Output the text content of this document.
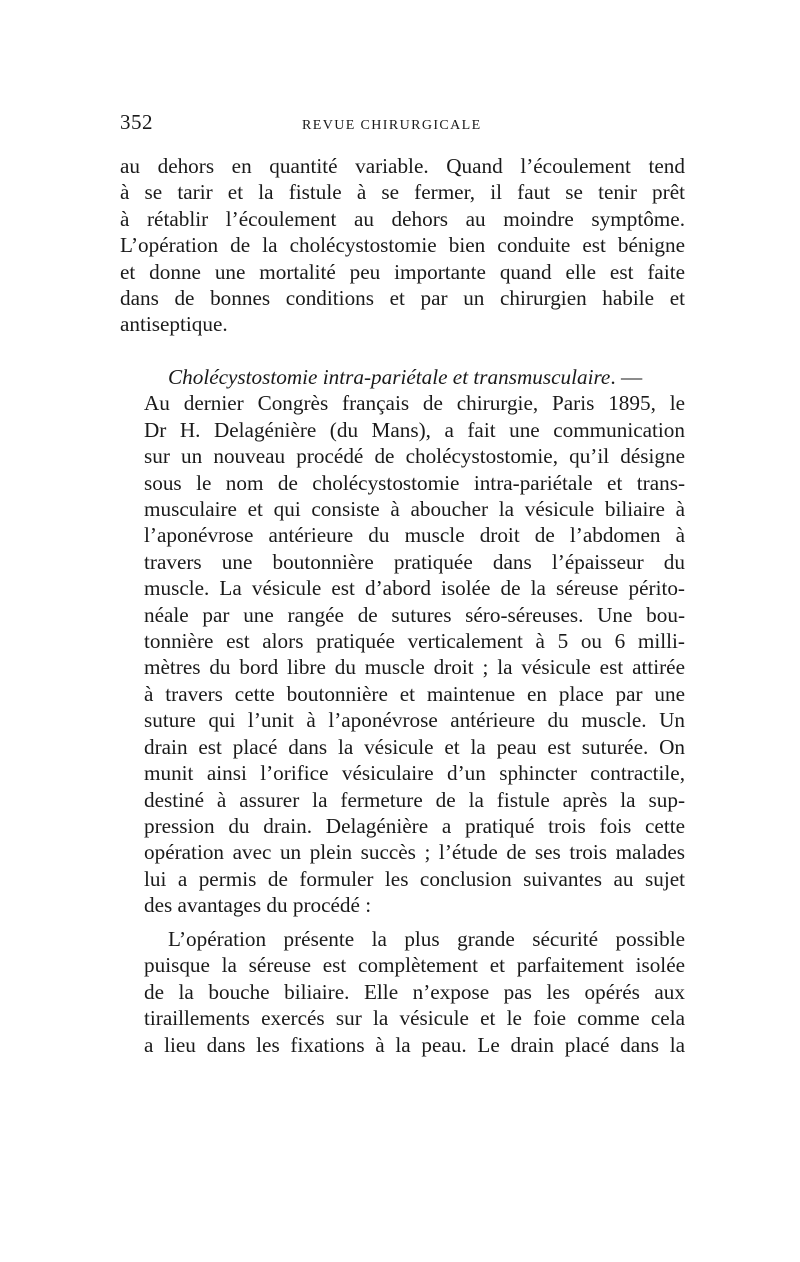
352	REVUE CHIRURGICALE
au dehors en quantité variable. Quand l’écoulement tend
à se tarir et la fistule à se fermer, il faut se tenir prêt
à rétablir l’écoulement au dehors au moindre symptôme.
L’opération de la cholécystostomie bien conduite est bénigne
et donne une mortalité peu importante quand elle est faite
dans de bonnes conditions et par un chirurgien habile et
antiseptique.
Cholécystostomie intra-pariétale et transmusculaire. —
Au dernier Congrès français de chirurgie, Paris 1895, le
Dr H. Delagénière (du Mans), a fait une communication
sur un nouveau procédé de cholécystostomie, qu’il désigne
sous le nom de cholécystostomie intra-pariétale et trans-
musculaire et qui consiste à aboucher la vésicule biliaire à
l’aponévrose antérieure du muscle droit de l’abdomen à
travers une boutonnière pratiquée dans l’épaisseur du
muscle. La vésicule est d’abord isolée de la séreuse périto-
néale par une rangée de sutures séro-séreuses. Une bou-
tonnière est alors pratiquée verticalement à 5 ou 6 milli-
mètres du bord libre du muscle droit ; la vésicule est attirée
à travers cette boutonnière et maintenue en place par une
suture qui l’unit à l’aponévrose antérieure du muscle. Un
drain est placé dans la vésicule et la peau est suturée. On
munit ainsi l’orifice vésiculaire d’un sphincter contractile,
destiné à assurer la fermeture de la fistule après la sup-
pression du drain. Delagénière a pratiqué trois fois cette
opération avec un plein succès ; l’étude de ses trois malades
lui a permis de formuler les conclusion suivantes au sujet
des avantages du procédé :
L’opération présente la plus grande sécurité possible
puisque la séreuse est complètement et parfaitement isolée
de la bouche biliaire. Elle n’expose pas les opérés aux
tiraillements exercés sur la vésicule et le foie comme cela
a lieu dans les fixations à la peau. Le drain placé dans la
